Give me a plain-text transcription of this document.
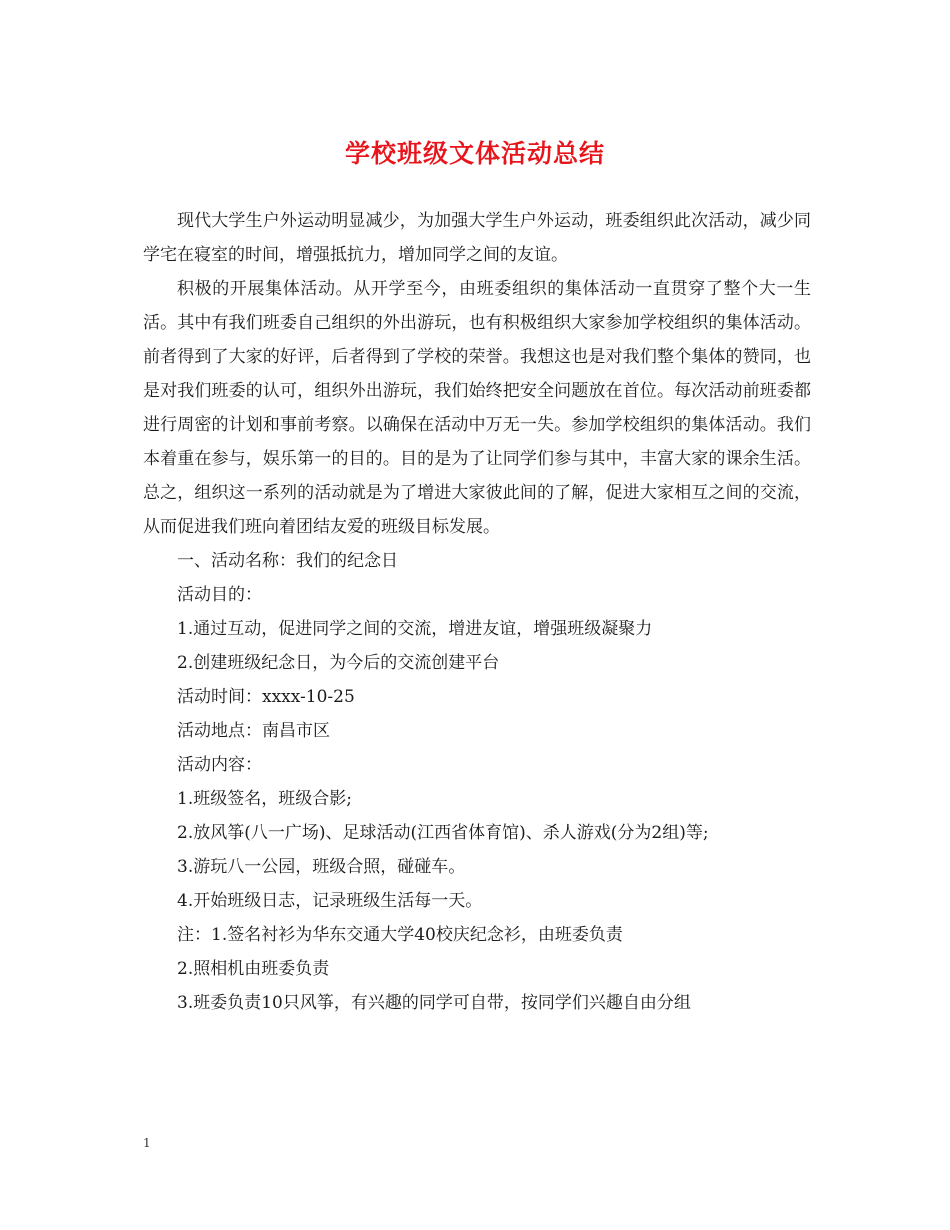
学校班级文体活动总结

现代大学生户外运动明显减少，为加强大学生户外运动，班委组织此次活动，减少同学宅在寝室的时间，增强抵抗力，增加同学之间的友谊。

积极的开展集体活动。从开学至今，由班委组织的集体活动一直贯穿了整个大一生活。其中有我们班委自己组织的外出游玩，也有积极组织大家参加学校组织的集体活动。前者得到了大家的好评，后者得到了学校的荣誉。我想这也是对我们整个集体的赞同，也是对我们班委的认可，组织外出游玩，我们始终把安全问题放在首位。每次活动前班委都进行周密的计划和事前考察。以确保在活动中万无一失。参加学校组织的集体活动。我们本着重在参与，娱乐第一的目的。目的是为了让同学们参与其中，丰富大家的课余生活。总之，组织这一系列的活动就是为了增进大家彼此间的了解，促进大家相互之间的交流，从而促进我们班向着团结友爱的班级目标发展。

一、活动名称：我们的纪念日

活动目的：

1.通过互动，促进同学之间的交流，增进友谊，增强班级凝聚力

2.创建班级纪念日，为今后的交流创建平台

活动时间：xxxx-10-25

活动地点：南昌市区

活动内容：

1.班级签名，班级合影;

2.放风筝(八一广场)、足球活动(江西省体育馆)、杀人游戏(分为2组)等;

3.游玩八一公园，班级合照，碰碰车。

4.开始班级日志，记录班级生活每一天。

注：1.签名衬衫为华东交通大学40校庆纪念衫，由班委负责

2.照相机由班委负责

3.班委负责10只风筝，有兴趣的同学可自带，按同学们兴趣自由分组

1
